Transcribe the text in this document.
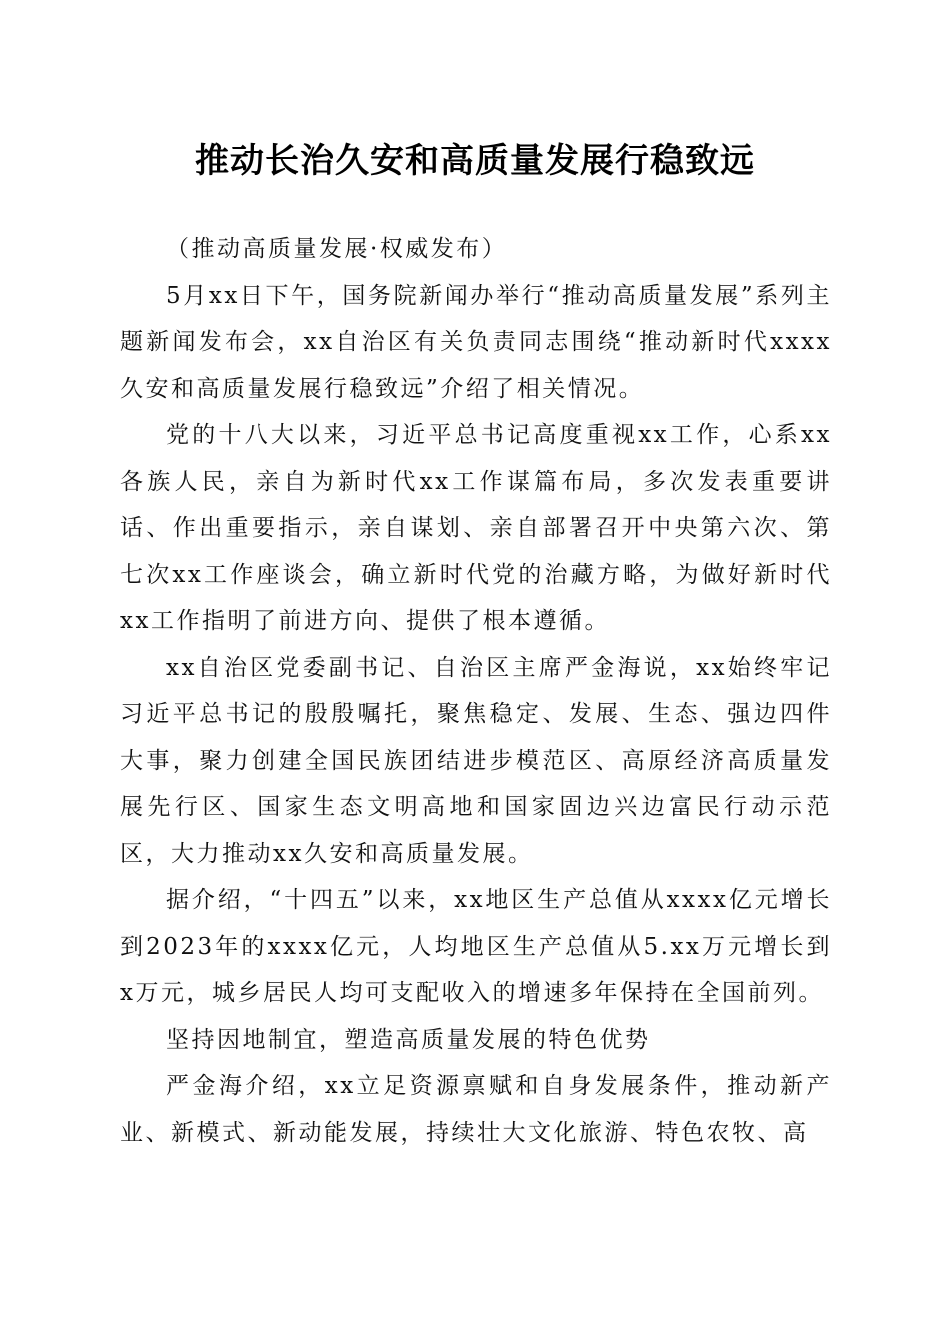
推动长治久安和高质量发展行稳致远

（推动高质量发展·权威发布）

5月xx日下午，国务院新闻办举行“推动高质量发展”系列主题新闻发布会，xx自治区有关负责同志围绕“推动新时代xxxx久安和高质量发展行稳致远”介绍了相关情况。

党的十八大以来，习近平总书记高度重视xx工作，心系xx各族人民，亲自为新时代xx工作谋篇布局，多次发表重要讲话、作出重要指示，亲自谋划、亲自部署召开中央第六次、第七次xx工作座谈会，确立新时代党的治藏方略，为做好新时代xx工作指明了前进方向、提供了根本遵循。

xx自治区党委副书记、自治区主席严金海说，xx始终牢记习近平总书记的殷殷嘱托，聚焦稳定、发展、生态、强边四件大事，聚力创建全国民族团结进步模范区、高原经济高质量发展先行区、国家生态文明高地和国家固边兴边富民行动示范区，大力推动xx久安和高质量发展。

据介绍，“十四五”以来，xx地区生产总值从xxxx亿元增长到2023年的xxxx亿元，人均地区生产总值从5.xx万元增长到x万元，城乡居民人均可支配收入的增速多年保持在全国前列。

坚持因地制宜，塑造高质量发展的特色优势

严金海介绍，xx立足资源禀赋和自身发展条件，推动新产业、新模式、新动能发展，持续壮大文化旅游、特色农牧、高
